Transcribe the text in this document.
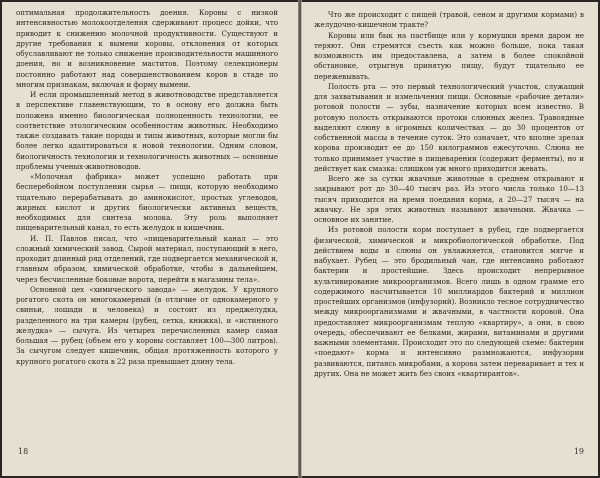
оптимальная продолжительность доения. Коровы с низкой интенсивностью молокоотделения сдерживают процесс дойки, что приводит к снижению молочной продуктивности. Существуют и другие требования к вымени коровы, отклонения от которых обуславливают не только снижение производительности машинного доения, но и возникновение маститов. Поэтому селекционеры постоянно работают над совершенствованием коров в стаде по многим признакам, включая и форму вымени.

И если промышленный метод в животноводстве представляется в перспективе главенствующим, то в основу его должна быть положена именно биологическая полноценность технологии, ее соответствие этологическим особенностям животных. Необходимо также создавать такие породы и типы животных, которые могли бы более легко адаптироваться к новой технологии. Одним словом, биологичность технологии и технологичность животных — основные проблемы ученых-животноводов.

«Молочная фабрика» может успешно работать при бесперебойном поступлении сырья — пищи, которую необходимо тщательно перерабатывать до аминокислот, простых углеводов, жирных кислот и других биологически активных веществ, необходимых для синтеза молока. Эту роль выполняет пищеварительный канал, то есть желудок и кишечник.

И. П. Павлов писал, что «пищеварительный канал — это сложный химический завод. Сырой материал, поступающий в него, проходит длинный ряд отделений, где подвергается механической и, главным образом, химической обработке, чтобы в дальнейшем, через бесчисленные боковые ворота, перейти в магазины тела».

Основной цех «химического завода» — желудок. У крупного рогатого скота он многокамерный (в отличие от однокамерного у свиньи, лошади и человека) и состоит из преджелудка, разделенного на три камеры (рубец, сетка, книжка), и «истинного желудка» — сычуга. Из четырех перечисленных камер самая большая — рубец (объем его у коровы составляет 100—300 литров). За сычугом следует кишечник, общая протяженность которого у крупного рогатого скота в 22 раза превышает длину тела.

18

Что же происходит с пищей (травой, сеном и другими кормами) в желудочно-кишечном тракте?

Коровы или бык на пастбище или у кормушки время даром не теряют. Они стремятся съесть как можно больше, пока такая возможность им предоставлена, а затем в более спокойной обстановке, отрыгнув принятую пищу, будут тщательно ее пережевывать.

Полость рта — это первый технологический участок, служащий для захватывания и измельчения пищи. Основные «рабочие детали» ротовой полости — зубы, назначение которых всем известно. В ротовую полость открываются протоки слюнных желез. Травоядные выделяют слюну в огромных количествах — до 30 процентов от собственной массы в течение суток. Это означает, что вполне зрелая корова производит ее до 150 килограммов ежесуточно. Слюна не только принимает участие в пищеварении (содержит ферменты), но и действует как смазка: слишком уж много приходится жевать.

Всего же за сутки жвачные животные в среднем открывают и закрывают рот до 30—40 тысяч раз. Из этого числа только 10—13 тысяч приходится на время поедания корма, а 20—27 тысяч — на жвачку. Не зря этих животных называют жвачными. Жвачка — основное их занятие.

Из ротовой полости корм поступает в рубец, где подвергается физической, химической и микробиологической обработке. Под действием воды и слюны он увлажняется, становится мягче и набухает. Рубец — это бродильный чан, где интенсивно работают бактерии и простейшие. Здесь происходит непрерывное культивирование микроорганизмов. Всего лишь в одном грамме его содержимого насчитывается 10 миллиардов бактерий и миллион простейших организмов (инфузорий). Возникло тесное сотрудничество между микроорганизмами и жвачными, в частности коровой. Она предоставляет микроорганизмам теплую «квартиру», а они, в свою очередь, обеспечивают ее белками, жирами, витаминами и другими важными элементами. Происходит это по следующей схеме: бактерии «поедают» корма и интенсивно размножаются, инфузории развиваются, питаясь микробами, а корова затем переваривает и тех и других. Она не может жить без своих «квартирантов».

19
